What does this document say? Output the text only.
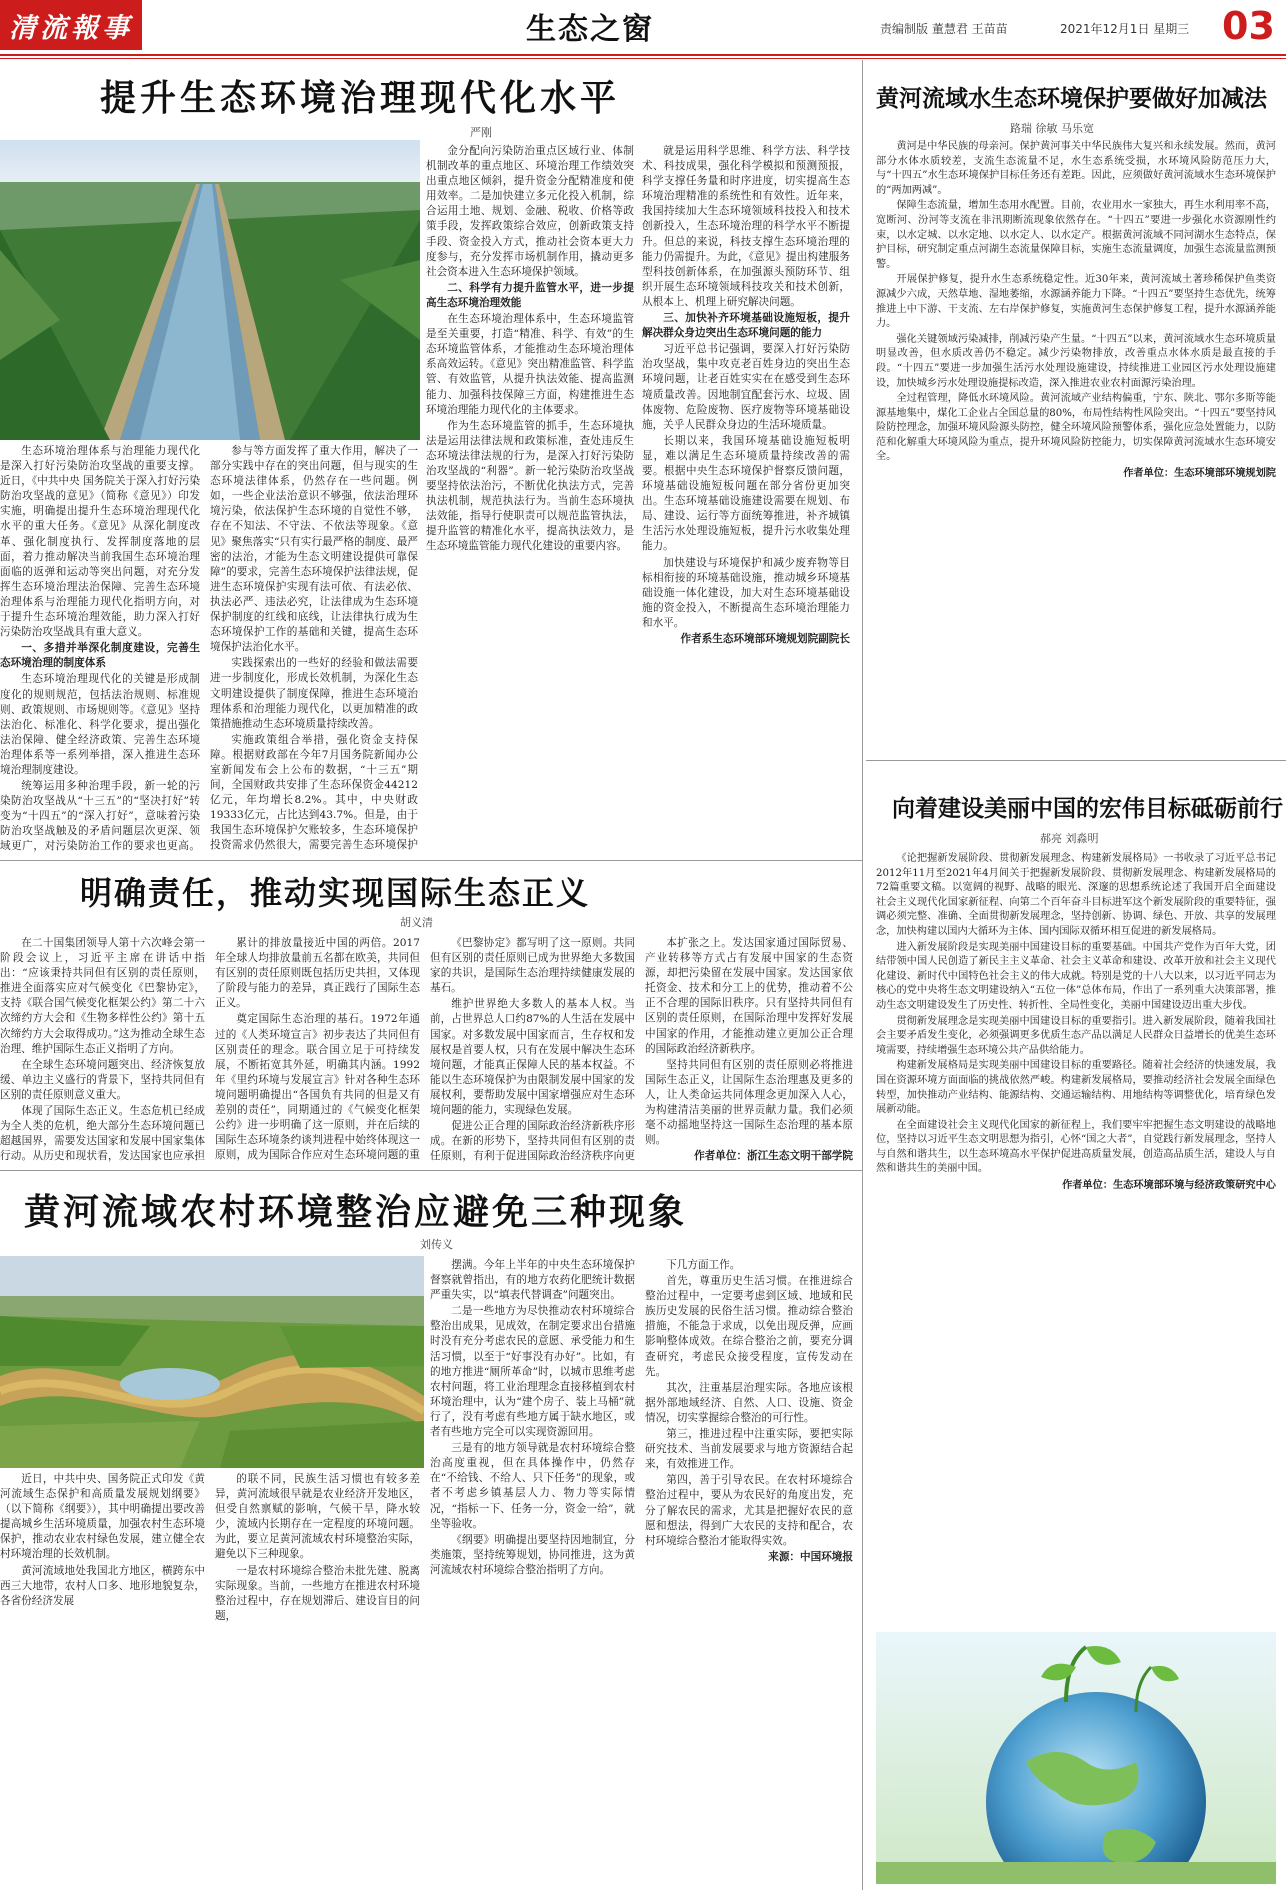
清流報事	生态之窗	责编制版 董慧君 王苗苗	2021年12月1日 星期三 03
提升生态环境治理现代化水平
严刚

生态环境治理体系与治理能力现代化是深入打好污染防治攻坚战的重要支撑。近日，《中共中央 国务院关于深入打好污染防治攻坚战的意见》（简称《意见》）印发实施，明确提出提升生态环境治理现代化水平的重大任务。《意见》从深化制度改革、强化制度执行、发挥制度落地的层面，着力推动解决当前我国生态环境治理面临的返弹和运动等突出问题，对充分发挥生态环境治理法治保障、完善生态环境治理体系与治理能力现代化指明方向，对于提升生态环境治理效能，助力深入打好污染防治攻坚战具有重大意义。

一、多措并举深化制度建设，完善生态环境治理的制度体系

生态环境治理现代化的关键是形成制度化的规则规范，包括法治规则、标准规则、政策规则、市场规则等。《意见》坚持法治化、标准化、科学化要求，提出强化法治保障、健全经济政策、完善生态环境治理体系等一系列举措，深入推进生态环境治理制度建设。

统筹运用多种治理手段，新一轮的污染防治攻坚战从“十三五”的“坚决打好”转变为“十四五”的“深入打好”，意味着污染防治攻坚战触及的矛盾问题层次更深、领域更广，对污染防治工作的要求也更高。

参与等方面发挥了重大作用，解决了一部分实践中存在的突出问题，但与现实的生态环境法律体系，仍然存在一些问题。例如，一些企业法治意识不够强，依法治理环境污染，依法保护生态环境的自觉性不够，存在不知法、不守法、不依法等现象。《意见》聚焦落实“只有实行最严格的制度、最严密的法治，才能为生态文明建设提供可靠保障”的要求，完善生态环境保护法律法规，促进生态环境保护实现有法可依、有法必依、执法必严、违法必究，让法律成为生态环境保护制度的红线和底线，让法律执行成为生态环境保护工作的基础和关键，提高生态环境保护法治化水平。

实践探索出的一些好的经验和做法需要进一步制度化，形成长效机制，为深化生态文明建设提供了制度保障，推进生态环境治理体系和治理能力现代化，以更加精准的政策措施推动生态环境质量持续改善。

实施政策组合举措，强化资金支持保障。根据财政部在今年7月国务院新闻办公室新闻发布会上公布的数据，“十三五”期间，全国财政共安排了生态环保资金44212亿元，年均增长8.2%。其中，中央财政19333亿元，占比达到43.7%。但是，由于我国生态环境保护欠账较多，生态环境保护投资需求仍然很大，需要完善生态环境保护

金分配向污染防治重点区域行业、体制机制改革的重点地区、环境治理工作绩效突出重点地区倾斜，提升资金分配精准度和使用效率。二是加快建立多元化投入机制，综合运用土地、规划、金融、税收、价格等政策手段，发挥政策综合效应，创新政策支持手段、资金投入方式，推动社会资本更大力度参与，充分发挥市场机制作用，撬动更多社会资本进入生态环境保护领域。

二、科学有力提升监管水平，进一步提高生态环境治理效能

在生态环境治理体系中，生态环境监管是至关重要，打造“精准、科学、有效”的生态环境监管体系，才能推动生态环境治理体系高效运转。《意见》突出精准监管、科学监管、有效监管，从提升执法效能、提高监测能力、加强科技保障三方面，构建推进生态环境治理能力现代化的主体要求。

作为生态环境监管的抓手，生态环境执法是运用法律法规和政策标准，查处违反生态环境法律法规的行为，是深入打好污染防治攻坚战的“利器”。新一轮污染防治攻坚战要坚持依法治污，不断优化执法方式，完善执法机制，规范执法行为。当前生态环境执法效能，指导行使职责可以规范监管执法，提升监管的精准化水平，提高执法效力，是生态环境监管能力现代化建设的重要内容。

就是运用科学思维、科学方法、科学技术、科技成果，强化科学模拟和预测预报，科学支撑任务量和时序进度，切实提高生态环境治理精准的系统性和有效性。近年来，我国持续加大生态环境领域科技投入和技术创新投入，生态环境治理的科学水平不断提升。但总的来说，科技支撑生态环境治理的能力仍需提升。为此，《意见》提出构建服务型科技创新体系，在加强源头预防环节、组织开展生态环境领域科技攻关和技术创新，从根本上、机理上研究解决问题。

三、加快补齐环境基础设施短板，提升解决群众身边突出生态环境问题的能力

习近平总书记强调，要深入打好污染防治攻坚战，集中攻克老百姓身边的突出生态环境问题，让老百姓实实在在感受到生态环境质量改善。因地制宜配套污水、垃圾、固体废物、危险废物、医疗废物等环境基础设施，关乎人民群众身边的生活环境质量。

长期以来，我国环境基础设施短板明显，难以满足生态环境质量持续改善的需要。根据中央生态环境保护督察反馈问题，环境基础设施短板问题在部分省份更加突出。生态环境基础设施建设需要在规划、布局、建设、运行等方面统筹推进，补齐城镇生活污水处理设施短板，提升污水收集处理能力。

加快建设与环境保护和减少废弃物等目标相衔接的环境基础设施，推动城乡环境基础设施一体化建设，加大对生态环境基础设施的资金投入，不断提高生态环境治理能力和水平。

作者系生态环境部环境规划院副院长

黄河流域水生态环境保护要做好加减法
路瑞 徐敏 马乐宽

黄河是中华民族的母亲河。保护黄河事关中华民族伟大复兴和永续发展。然而，黄河部分水体水质较差，支流生态流量不足，水生态系统受损，水环境风险防范压力大，与“十四五”水生态环境保护目标任务还有差距。因此，应须做好黄河流域水生态环境保护的“两加两减”。

保障生态流量，增加生态用水配置。目前，农业用水一家独大，再生水利用率不高，宽断河、汾河等支流在非汛期断流现象依然存在。“十四五”要进一步强化水资源刚性约束，以水定城、以水定地、以水定人、以水定产。根据黄河流域不同河湖水生态特点，保护目标，研究制定重点河湖生态流量保障目标，实施生态流量调度，加强生态流量监测预警。

开展保护修复，提升水生态系统稳定性。近30年来，黄河流域土著珍稀保护鱼类资源减少六成，天然草地、湿地萎缩，水源涵养能力下降。“十四五”要坚持生态优先，统筹推进上中下游、干支流、左右岸保护修复，实施黄河生态保护修复工程，提升水源涵养能力。

强化关键领域污染减排，削减污染产生量。“十四五”以来，黄河流域水生态环境质量明显改善，但水质改善仍不稳定。减少污染物排放，改善重点水体水质是最直接的手段。“十四五”要进一步加强生活污水处理设施建设，持续推进工业园区污水处理设施建设，加快城乡污水处理设施提标改造，深入推进农业农村面源污染治理。

全过程管理，降低水环境风险。黄河流域产业结构偏重，宁东、陕北、鄂尔多斯等能源基地集中，煤化工企业占全国总量的80%，布局性结构性风险突出。“十四五”要坚持风险防控理念，加强环境风险源头防控，健全环境风险预警体系，强化应急处置能力，以防范和化解重大环境风险为重点，提升环境风险防控能力，切实保障黄河流域水生态环境安全。

作者单位：生态环境部环境规划院

向着建设美丽中国的宏伟目标砥砺前行
郝亮 刘淼明

《论把握新发展阶段、贯彻新发展理念、构建新发展格局》一书收录了习近平总书记2012年11月至2021年4月间关于把握新发展阶段、贯彻新发展理念、构建新发展格局的72篇重要文稿。以宽阔的视野、战略的眼光、深邃的思想系统论述了我国开启全面建设社会主义现代化国家新征程、向第二个百年奋斗目标进军这个新发展阶段的重要特征，强调必须完整、准确、全面贯彻新发展理念，坚持创新、协调、绿色、开放、共享的发展理念，加快构建以国内大循环为主体、国内国际双循环相互促进的新发展格局。

进入新发展阶段是实现美丽中国建设目标的重要基础。中国共产党作为百年大党，团结带领中国人民创造了新民主主义革命、社会主义革命和建设、改革开放和社会主义现代化建设、新时代中国特色社会主义的伟大成就。特别是党的十八大以来，以习近平同志为核心的党中央将生态文明建设纳入“五位一体”总体布局，作出了一系列重大决策部署，推动生态文明建设发生了历史性、转折性、全局性变化，美丽中国建设迈出重大步伐。

贯彻新发展理念是实现美丽中国建设目标的重要指引。进入新发展阶段，随着我国社会主要矛盾发生变化，必须强调更多优质生态产品以满足人民群众日益增长的优美生态环境需要，持续增强生态环境公共产品供给能力。

构建新发展格局是实现美丽中国建设目标的重要路径。随着社会经济的快速发展，我国在资源环境方面面临的挑战依然严峻。构建新发展格局，要推动经济社会发展全面绿色转型，加快推动产业结构、能源结构、交通运输结构、用地结构等调整优化，培育绿色发展新动能。

在全面建设社会主义现代化国家的新征程上，我们要牢牢把握生态文明建设的战略地位，坚持以习近平生态文明思想为指引，心怀“国之大者”，自觉践行新发展理念，坚持人与自然和谐共生，以生态环境高水平保护促进高质量发展，创造高品质生活，建设人与自然和谐共生的美丽中国。

作者单位：生态环境部环境与经济政策研究中心

明确责任，推动实现国际生态正义
胡义清

在二十国集团领导人第十六次峰会第一阶段会议上，习近平主席在讲话中指出：“应该秉持共同但有区别的责任原则，推进全面落实应对气候变化《巴黎协定》，支持《联合国气候变化框架公约》第二十六次缔约方大会和《生物多样性公约》第十五次缔约方大会取得成功。”这为推动全球生态治理、维护国际生态正义指明了方向。

在全球生态环境问题突出、经济恢复放缓、单边主义盛行的背景下，坚持共同但有区别的责任原则意义重大。

体现了国际生态正义。生态危机已经成为全人类的危机，绝大部分生态环境问题已超越国界，需要发达国家和发展中国家集体行动。从历史和现状看，发达国家也应承担

累计的排放量接近中国的两倍。2017年全球人均排放量前五名都在欧美，共同但有区别的责任原则既包括历史共担，又体现了阶段与能力的差异，真正践行了国际生态正义。

奠定国际生态治理的基石。1972年通过的《人类环境宣言》初步表达了共同但有区别责任的理念。联合国立足于可持续发展，不断拓宽其外延，明确其内涵。1992年《里约环境与发展宣言》针对各种生态环境问题明确提出“各国负有共同的但是又有差别的责任”，同期通过的《气候变化框架公约》进一步明确了这一原则，并在后续的国际生态环境条约谈判进程中始终体现这一原则，成为国际合作应对生态环境问题的重

《巴黎协定》都写明了这一原则。共同但有区别的责任原则已成为世界绝大多数国家的共识，是国际生态治理持续健康发展的基石。

维护世界绝大多数人的基本人权。当前，占世界总人口约87%的人生活在发展中国家。对多数发展中国家而言，生存权和发展权是首要人权，只有在发展中解决生态环境问题，才能真正保障人民的基本权益。不能以生态环境保护为由限制发展中国家的发展权利，要帮助发展中国家增强应对生态环境问题的能力，实现绿色发展。

促进公正合理的国际政治经济新秩序形成。在新的形势下，坚持共同但有区别的责任原则，有利于促进国际政治经济秩序向更

本扩张之上。发达国家通过国际贸易、产业转移等方式占有发展中国家的生态资源，却把污染留在发展中国家。发达国家依托资金、技术和分工上的优势，推动着不公正不合理的国际旧秩序。只有坚持共同但有区别的责任原则，在国际治理中发挥好发展中国家的作用，才能推动建立更加公正合理的国际政治经济新秩序。

坚持共同但有区别的责任原则必将推进国际生态正义，让国际生态治理惠及更多的人，让人类命运共同体理念更加深入人心，为构建清洁美丽的世界贡献力量。我们必须毫不动摇地坚持这一国际生态治理的基本原则。

作者单位：浙江生态文明干部学院

黄河流域农村环境整治应避免三种现象
刘传义

近日，中共中央、国务院正式印发《黄河流域生态保护和高质量发展规划纲要》（以下简称《纲要》），其中明确提出要改善提高城乡生活环境质量，加强农村生态环境保护，推动农业农村绿色发展，建立健全农村环境治理的长效机制。

黄河流域地处我国北方地区，横跨东中西三大地带，农村人口多、地形地貌复杂，各省份经济发展

的联不同，民族生活习惯也有较多差异，黄河流域很早就是农业经济开发地区，但受自然禀赋的影响，气候干旱，降水较少，流域内长期存在一定程度的环境问题。为此，要立足黄河流域农村环境整治实际，避免以下三种现象。

一是农村环境综合整治未批先建、脱离实际现象。当前，一些地方在推进农村环境整治过程中，存在规划滞后、建设盲目的问题，

摆满。今年上半年的中央生态环境保护督察就曾指出，有的地方农药化肥统计数据严重失实，以“填表代替调查”问题突出。

二是一些地方为尽快推动农村环境综合整治出成果，见成效，在制定要求出台措施时没有充分考虑农民的意愿、承受能力和生活习惯，以至于“好事没有办好”。比如，有的地方推进“厕所革命”时，以城市思维考虑农村问题，将工业治理理念直接移植到农村环境治理中，认为“建个房子、装上马桶”就行了，没有考虑有些地方属于缺水地区，或者有些地方完全可以实现资源回用。

三是有的地方领导就是农村环境综合整治高度重视，但在具体操作中，仍然存在“不给钱、不给人、只下任务”的现象，或者不考虑乡镇基层人力、物力等实际情况，“指标一下、任务一分，资金一给”，就坐等验收。

《纲要》明确提出要坚持因地制宜，分类施策，坚持统筹规划，协同推进，这为黄河流域农村环境综合整治指明了方向。

下几方面工作。

首先，尊重历史生活习惯。在推进综合整治过程中，一定要考虑到区域、地域和民族历史发展的民俗生活习惯。推动综合整治措施，不能急于求成，以免出现反弹，应画影响整体成效。在综合整治之前，要充分调查研究，考虑民众接受程度，宣传发动在先。

其次，注重基层治理实际。各地应该根据外部地域经济、自然、人口、设施、资金情况，切实掌握综合整治的可行性。

第三，推进过程中注重实际，要把实际研究技术、当前发展要求与地方资源结合起来，有效推进工作。

第四，善于引导农民。在农村环境综合整治过程中，要从为农民好的角度出发，充分了解农民的需求，尤其是把握好农民的意愿和想法，得到广大农民的支持和配合，农村环境综合整治才能取得实效。

来源：中国环境报
